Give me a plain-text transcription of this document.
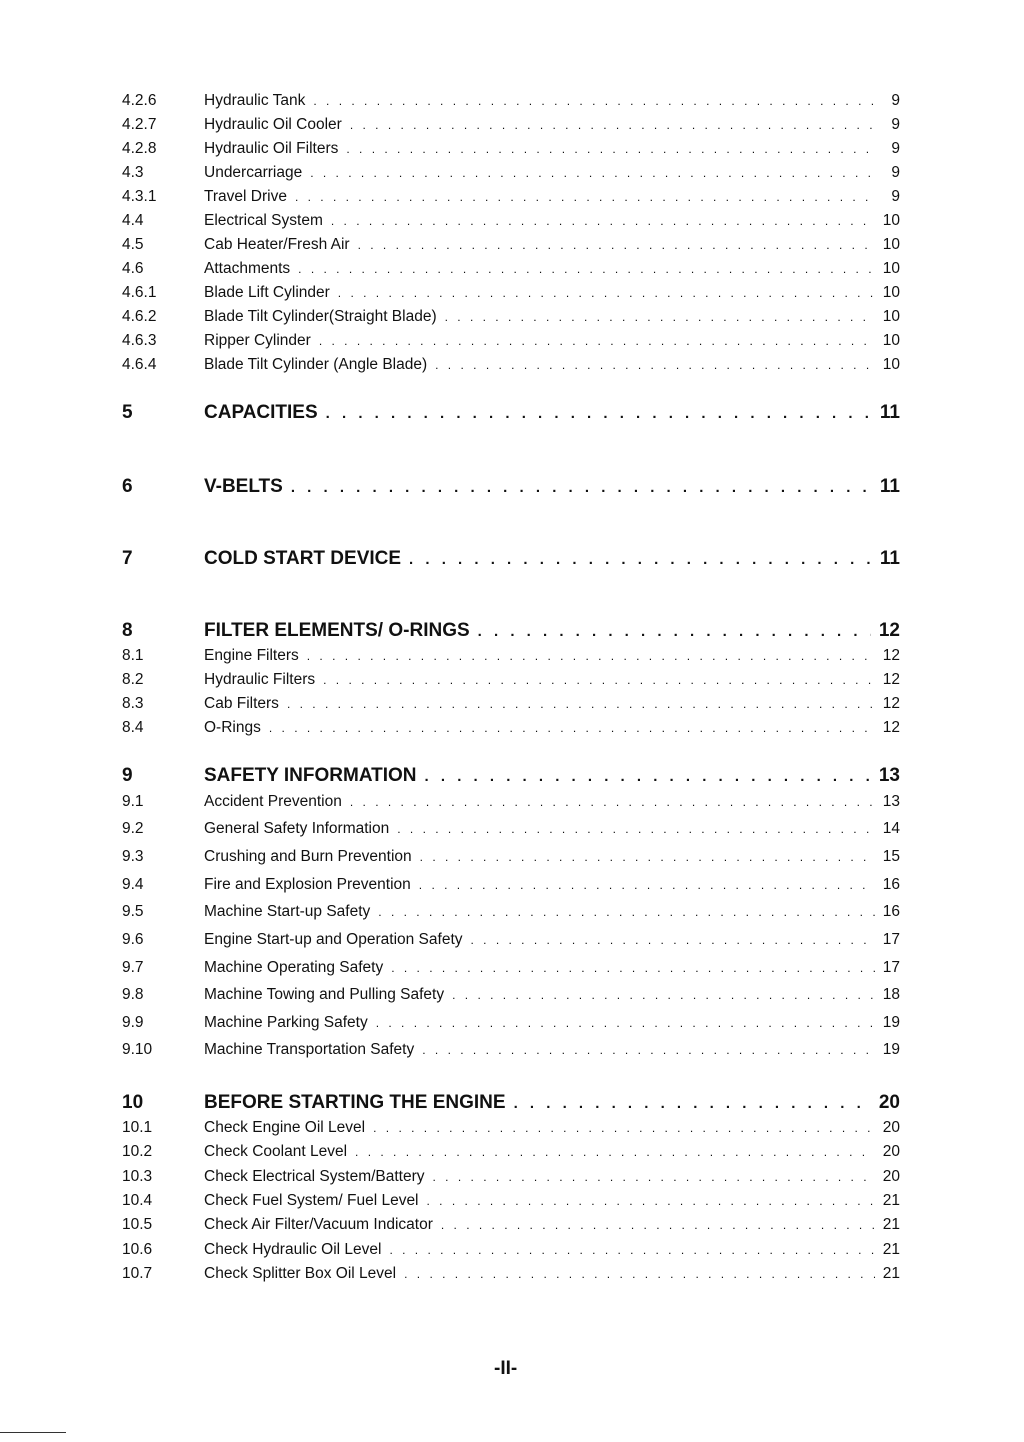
4.2.6	Hydraulic Tank . . .	9
4.2.7	Hydraulic Oil Cooler . . .	9
4.2.8	Hydraulic Oil Filters . . .	9
4.3	Undercarriage . . .	9
4.3.1	Travel Drive . . .	9
4.4	Electrical System . . .	10
4.5	Cab Heater/Fresh Air . . .	10
4.6	Attachments . . .	10
4.6.1	Blade Lift Cylinder . . .	10
4.6.2	Blade Tilt Cylinder(Straight Blade) . . .	10
4.6.3	Ripper Cylinder . . .	10
4.6.4	Blade Tilt Cylinder (Angle Blade) . . .	10
5	CAPACITIES . . .	11
6	V-BELTS . . .	11
7	COLD START DEVICE . . .	11
8	FILTER ELEMENTS/ O-RINGS . . .	12
8.1	Engine Filters . . .	12
8.2	Hydraulic Filters . . .	12
8.3	Cab Filters . . .	12
8.4	O-Rings . . .	12
9	SAFETY INFORMATION . . .	13
9.1	Accident Prevention . . .	13
9.2	General Safety Information . . .	14
9.3	Crushing and Burn Prevention . . .	15
9.4	Fire and Explosion Prevention . . .	16
9.5	Machine Start-up Safety . . .	16
9.6	Engine Start-up and Operation Safety . . .	17
9.7	Machine Operating Safety . . .	17
9.8	Machine Towing and Pulling Safety . . .	18
9.9	Machine Parking Safety . . .	19
9.10	Machine Transportation Safety . . .	19
10	BEFORE STARTING THE ENGINE . . .	20
10.1	Check Engine Oil Level . . .	20
10.2	Check Coolant Level . . .	20
10.3	Check Electrical System/Battery . . .	20
10.4	Check Fuel System/ Fuel Level . . .	21
10.5	Check Air Filter/Vacuum Indicator . . .	21
10.6	Check Hydraulic Oil Level . . .	21
10.7	Check Splitter Box Oil Level . . .	21
-II-
